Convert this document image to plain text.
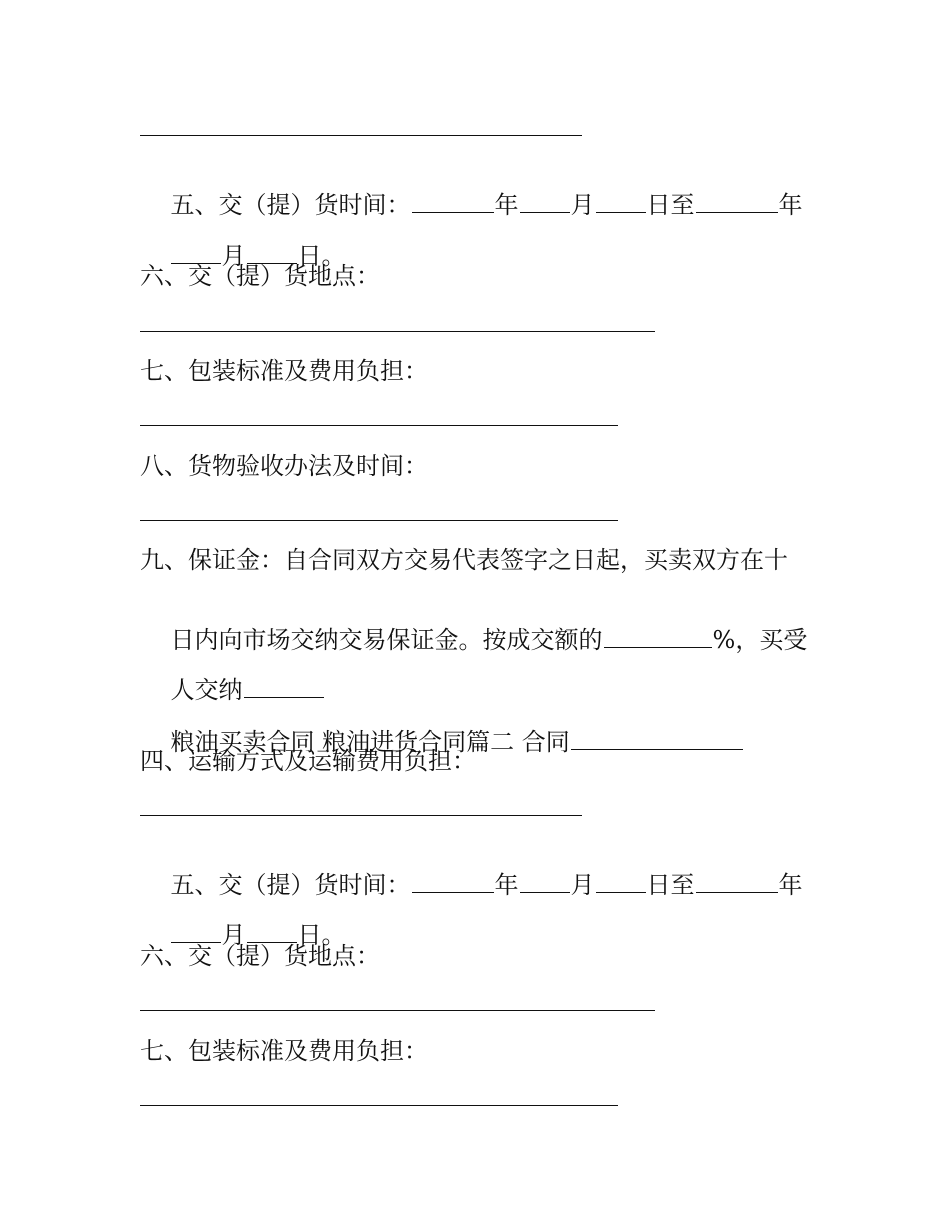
五、交（提）货时间：	年 月 日至	年

月 日。

六、交（提）货地点：
七、包装标准及费用负担：
八、货物验收办法及时间：
九、保证金：自合同双方交易代表签字之日起，买卖双方在十

日内向市场交纳交易保证金。按成交额的	%，买受

人交纳

粮油买卖合同 粮油进货合同篇二 合同

四、运输方式及运输费用负担：

五、交（提）货时间：	年 月 日至	年

月 日。

六、交（提）货地点：
七、包装标准及费用负担：
